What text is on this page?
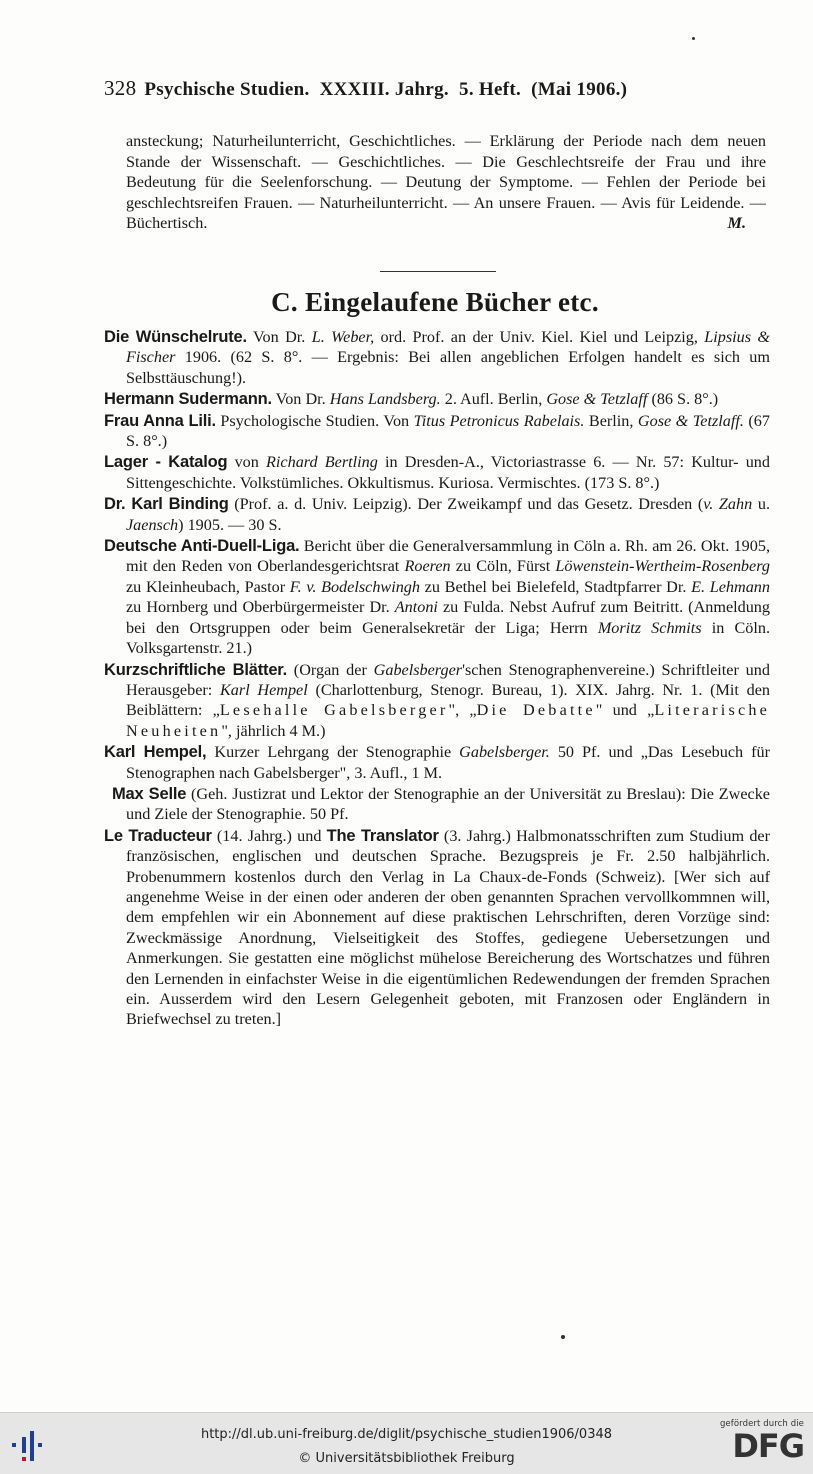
328 Psychische Studien.  XXXIII. Jahrg.  5. Heft.  (Mai 1906.)

ansteckung; Naturheilunterricht, Geschichtliches. — Erklärung der Periode nach dem neuen Stande der Wissenschaft. — Geschichtliches. — Die Geschlechtsreife der Frau und ihre Bedeutung für die Seelenforschung. — Deutung der Symptome. — Fehlen der Periode bei geschlechtsreifen Frauen. — Naturheilunterricht. — An unsere Frauen. — Avis für Leidende. — Büchertisch.	M.

C. Eingelaufene Bücher etc.

Die Wünschelrute. Von Dr. L. Weber, ord. Prof. an der Univ. Kiel. Kiel und Leipzig, Lipsius & Fischer 1906. (62 S. 8°. — Ergebnis: Bei allen angeblichen Erfolgen handelt es sich um Selbsttäuschung!).

Hermann Sudermann. Von Dr. Hans Landsberg. 2. Aufl. Berlin, Gose & Tetzlaff (86 S. 8°.)

Frau Anna Lili. Psychologische Studien. Von Titus Petronicus Rabelais. Berlin, Gose & Tetzlaff. (67 S. 8°.)

Lager - Katalog von Richard Bertling in Dresden-A., Victoriastrasse 6. — Nr. 57: Kultur- und Sittengeschichte. Volkstümliches. Okkultismus. Kuriosa. Vermischtes. (173 S. 8°.)

Dr. Karl Binding (Prof. a. d. Univ. Leipzig). Der Zweikampf und das Gesetz. Dresden (v. Zahn u. Jaensch) 1905. — 30 S.

Deutsche Anti-Duell-Liga. Bericht über die Generalversammlung in Cöln a. Rh. am 26. Okt. 1905, mit den Reden von Oberlandesgerichtsrat Roeren zu Cöln, Fürst Löwenstein-Wertheim-Rosenberg zu Kleinheubach, Pastor F. v. Bodelschwingh zu Bethel bei Bielefeld, Stadtpfarrer Dr. E. Lehmann zu Hornberg und Oberbürgermeister Dr. Antoni zu Fulda. Nebst Aufruf zum Beitritt. (Anmeldung bei den Ortsgruppen oder beim Generalsekretär der Liga; Herrn Moritz Schmits in Cöln. Volksgartenstr. 21.)

Kurzschriftliche Blätter. (Organ der Gabelsberger'schen Stenographenvereine.) Schriftleiter und Herausgeber: Karl Hempel (Charlottenburg, Stenogr. Bureau, 1). XIX. Jahrg. Nr. 1. (Mit den Beiblättern: „Lesehalle Gabelsberger", „Die Debatte" und „Literarische Neuheiten", jährlich 4 M.)

Karl Hempel, Kurzer Lehrgang der Stenographie Gabelsberger. 50 Pf. und „Das Lesebuch für Stenographen nach Gabelsberger", 3. Aufl., 1 M.

Max Selle (Geh. Justizrat und Lektor der Stenographie an der Universität zu Breslau): Die Zwecke und Ziele der Stenographie. 50 Pf.

Le Traducteur (14. Jahrg.) und The Translator (3. Jahrg.) Halbmonatsschriften zum Studium der französischen, englischen und deutschen Sprache. Bezugspreis je Fr. 2.50 halbjährlich. Probenummern kostenlos durch den Verlag in La Chaux-de-Fonds (Schweiz). [Wer sich auf angenehme Weise in der einen oder anderen der oben genannten Sprachen vervollkommnen will, dem empfehlen wir ein Abonnement auf diese praktischen Lehrschriften, deren Vorzüge sind: Zweckmässige Anordnung, Vielseitigkeit des Stoffes, gediegene Uebersetzungen und Anmerkungen. Sie gestatten eine möglichst mühelose Bereicherung des Wortschatzes und führen den Lernenden in einfachster Weise in die eigentümlichen Redewendungen der fremden Sprachen ein. Ausserdem wird den Lesern Gelegenheit geboten, mit Franzosen oder Engländern in Briefwechsel zu treten.]

http://dl.ub.uni-freiburg.de/diglit/psychische_studien1906/0348
© Universitätsbibliothek Freiburg
gefördert durch die
DFG
